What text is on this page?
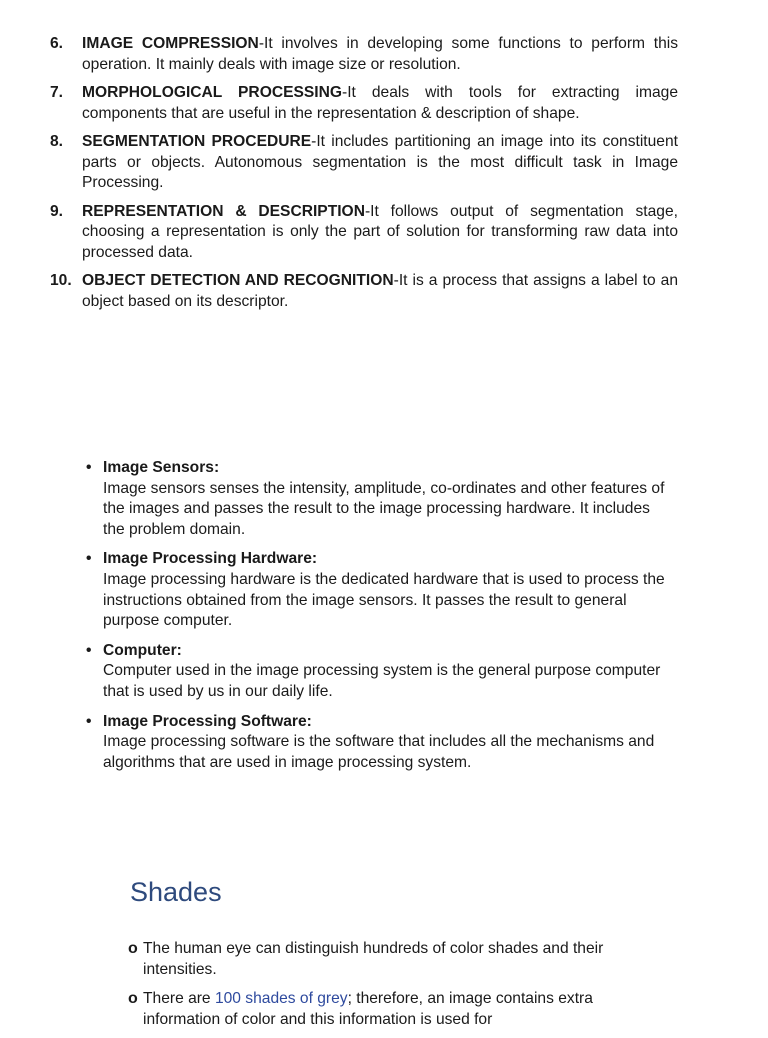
6.	IMAGE COMPRESSION-It involves in developing some functions to perform this operation. It mainly deals with image size or resolution.
7.	MORPHOLOGICAL PROCESSING-It deals with tools for extracting image components that are useful in the representation & description of shape.
8.	SEGMENTATION PROCEDURE-It includes partitioning an image into its constituent parts or objects. Autonomous segmentation is the most difficult task in Image Processing.
9.	REPRESENTATION & DESCRIPTION-It follows output of segmentation stage, choosing a representation is only the part of solution for transforming raw data into processed data.
10. OBJECT DETECTION AND RECOGNITION-It is a process that assigns a label to an object based on its descriptor.
• Image Sensors:
Image sensors senses the intensity, amplitude, co-ordinates and other features of the images and passes the result to the image processing hardware. It includes the problem domain.
• Image Processing Hardware:
Image processing hardware is the dedicated hardware that is used to process the instructions obtained from the image sensors. It passes the result to general purpose computer.
• Computer:
Computer used in the image processing system is the general purpose computer that is used by us in our daily life.
• Image Processing Software:
Image processing software is the software that includes all the mechanisms and algorithms that are used in image processing system.
Shades
o The human eye can distinguish hundreds of color shades and their intensities.
o There are 100 shades of grey; therefore, an image contains extra information of color and this information is used for
